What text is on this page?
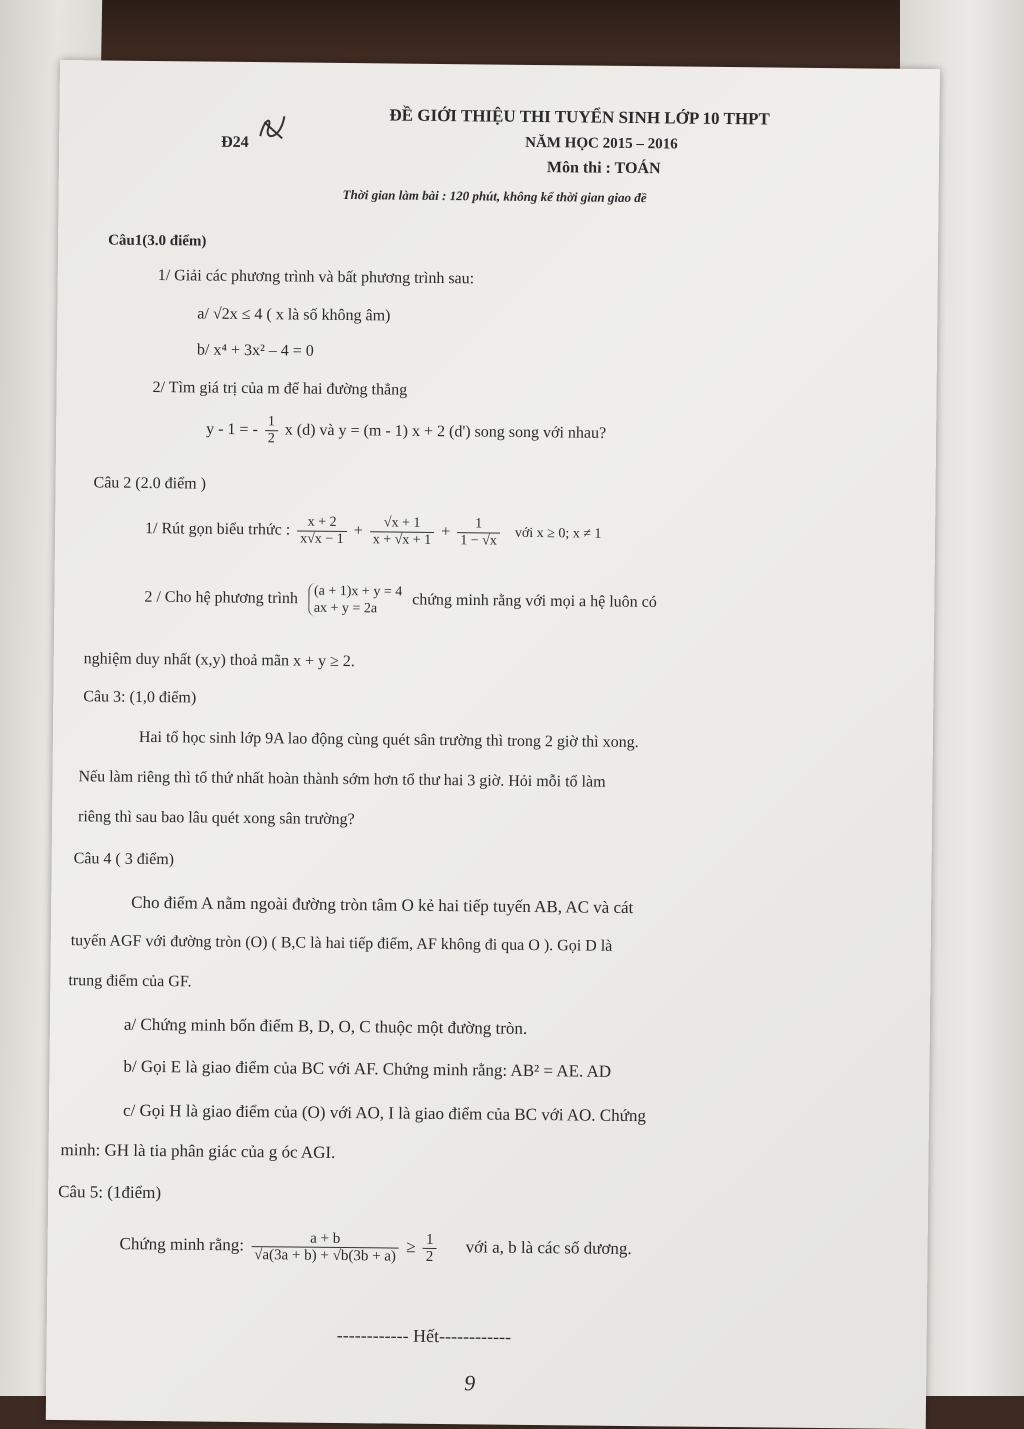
Đ24
ĐỀ GIỚI THIỆU THI TUYỂN SINH LỚP 10 THPT
NĂM HỌC 2015 – 2016
Môn thi : TOÁN
Thời gian làm bài : 120 phút, không kể thời gian giao đề
Câu1(3.0 điểm)
1/ Giải các phương trình và bất phương trình sau:
a/ √2x ≤ 4 ( x là số không âm)
b/ x⁴ + 3x² – 4 = 0
2/ Tìm giá trị của m để hai đường thẳng
y - 1 = - $\frac{1}{2}$ x (d) và y = (m - 1) x + 2 (d') song song với nhau?
Câu 2 (2.0 điểm )
1/ Rút gọn biểu trhức : $\frac{x + 2}{x√x - 1} + \frac{√x + 1}{x + √x + 1} + \frac{1}{1 - √x}$ với x ≥ 0; x ≠ 1
2 / Cho hệ phương trình (a + 1)x + y = 4
ax + y = 2a	chứng minh rằng với mọi a hệ luôn có
nghiệm duy nhất (x,y) thoả mãn x + y ≥ 2.
Câu 3: (1,0 điểm)
Hai tổ học sinh lớp 9A lao động cùng quét sân trường thì trong 2 giờ thì xong.
Nếu làm riêng thì tổ thứ nhất hoàn thành sớm hơn tổ thư hai 3 giờ. Hỏi mỗi tổ làm
riêng thì sau bao lâu quét xong sân trường?
Câu 4 ( 3 điểm)
Cho điểm A nằm ngoài đường tròn tâm O kẻ hai tiếp tuyến AB, AC và cát
tuyến AGF với đường tròn (O) ( B,C là hai tiếp điểm, AF không đi qua O ). Gọi D là
trung điểm của GF.
a/ Chứng minh bốn điểm B, D, O, C thuộc một đường tròn.
b/ Gọi E là giao điểm của BC với AF. Chứng minh rằng: AB² = AE. AD
c/ Gọi H là giao điểm của (O) với AO, I là giao điểm của BC với AO. Chứng
minh: GH là tia phân giác của g óc AGI.
Câu 5: (1điểm)
Chứng minh rằng: $\frac{a + b}{√a(3a + b) + √b(3b + a)} \ge \frac{1}{2}$ với a, b là các số dương.
------------ Hết------------
9
